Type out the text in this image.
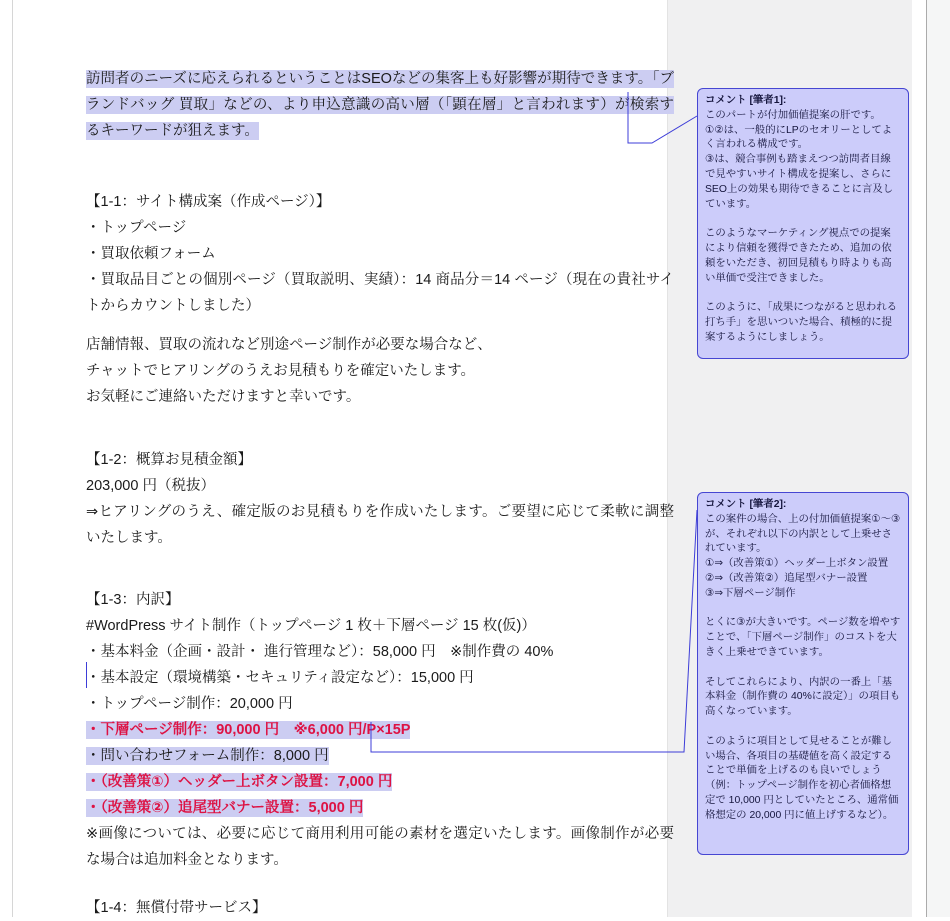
訪問者のニーズに応えられるということはSEOなどの集客上も好影響が期待できます。「ブランドバッグ 買取」などの、より申込意識の高い層（「顕在層」と言われます）が検索するキーワードが狙えます。
【1-1：サイト構成案（作成ページ）】
・トップページ
・買取依頼フォーム
・買取品目ごとの個別ページ（買取説明、実績）：14 商品分＝14 ページ（現在の貴社サイトからカウントしました）
店舗情報、買取の流れなど別途ページ制作が必要な場合など、
チャットでヒアリングのうえお見積もりを確定いたします。
お気軽にご連絡いただけますと幸いです。
【1-2：概算お見積金額】
203,000 円（税抜）
⇒ヒアリングのうえ、確定版のお見積もりを作成いたします。ご要望に応じて柔軟に調整いたします。
【1-3：内訳】
#WordPress サイト制作（トップページ 1 枚＋下層ページ 15 枚(仮)）
・基本料金（企画・設計・ 進行管理など）：58,000 円　※制作費の 40%
・基本設定（環境構築・セキュリティ設定など）：15,000 円
・トップページ制作：20,000 円
・下層ページ制作：90,000 円　※6,000 円/P×15P
・問い合わせフォーム制作：8,000 円
・（改善策①）ヘッダー上ボタン設置：7,000 円
・（改善策②）追尾型バナー設置：5,000 円
※画像については、必要に応じて商用利用可能の素材を選定いたします。画像制作が必要な場合は追加料金となります。
【1-4：無償付帯サービス】
コメント [筆者1]:
このパートが付加価値提案の肝です。
①②は、一般的にLPのセオリーとしてよく言われる構成です。
③は、競合事例も踏まえつつ訪問者目線で見やすいサイト構成を提案し、さらにSEO上の効果も期待できることに言及しています。
このようなマーケティング視点での提案により信頼を獲得できたため、追加の依頼をいただき、初回見積もり時よりも高い単価で受注できました。
このように、「成果につながると思われる打ち手」を思いついた場合、積極的に提案するようにしましょう。
コメント [筆者2]:
この案件の場合、上の付加価値提案①～③が、それぞれ以下の内訳として上乗せされています。
①⇒（改善策①）ヘッダー上ボタン設置
②⇒（改善策②）追尾型バナー設置
③⇒下層ページ制作
とくに③が大きいです。ページ数を増やすことで、「下層ページ制作」のコストを大きく上乗せできています。
そしてこれらにより、内訳の一番上「基本料金（制作費の 40%に設定）」の項目も高くなっています。
このように項目として見せることが難しい場合、各項目の基礎値を高く設定することで単価を上げるのも良いでしょう（例：トップページ制作を初心者価格想定で 10,000 円としていたところ、通常価格想定の 20,000 円に値上げするなど）。
